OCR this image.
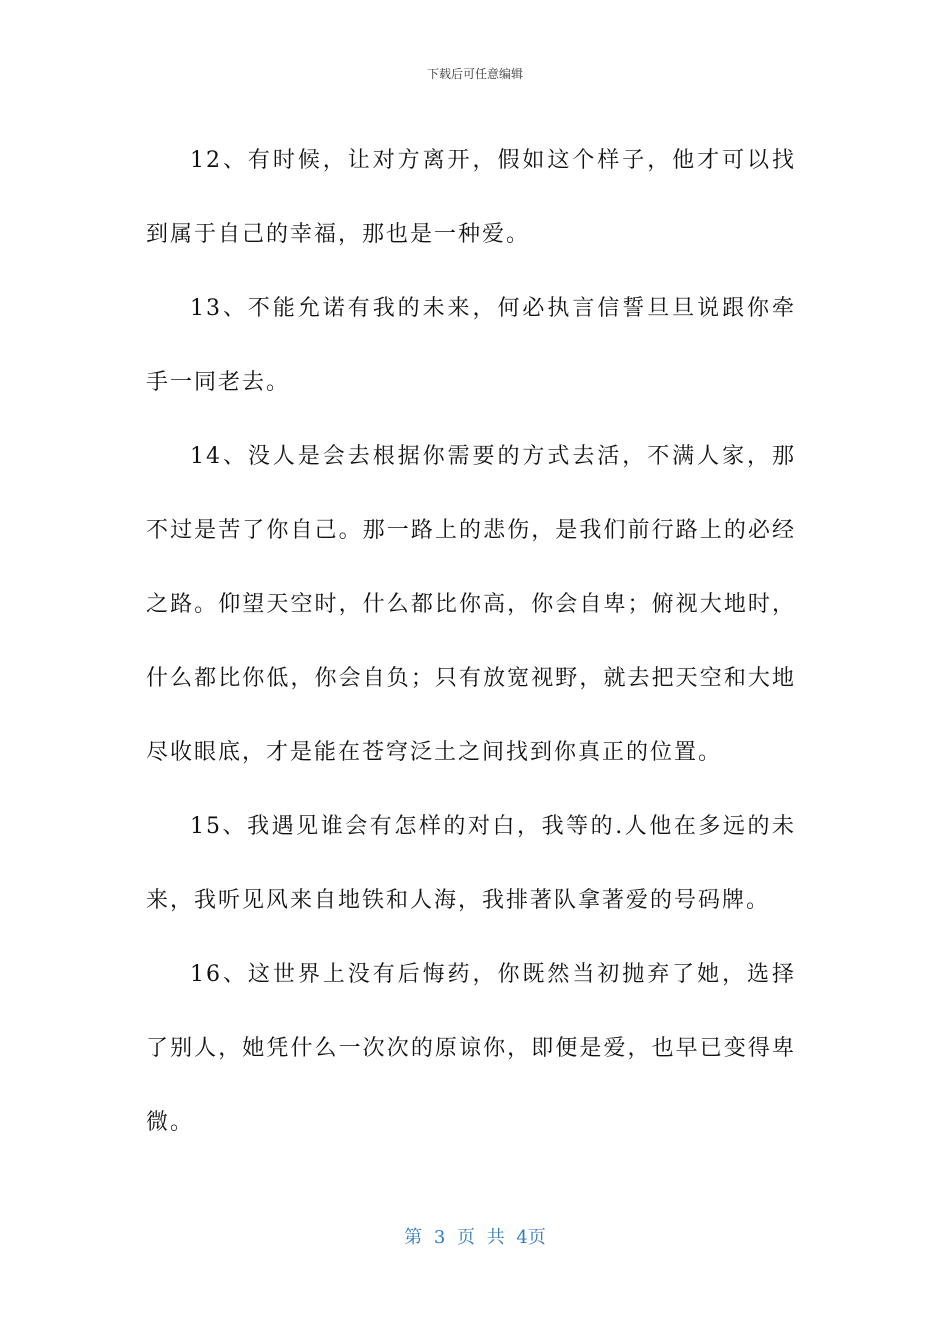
下载后可任意编辑

12、有时候，让对方离开，假如这个样子，他才可以找到属于自己的幸福，那也是一种爱。

13、不能允诺有我的未来，何必执言信誓旦旦说跟你牵手一同老去。

14、没人是会去根据你需要的方式去活，不满人家，那不过是苦了你自己。那一路上的悲伤，是我们前行路上的必经之路。仰望天空时，什么都比你高，你会自卑；俯视大地时，什么都比你低，你会自负；只有放宽视野，就去把天空和大地尽收眼底，才是能在苍穹泛土之间找到你真正的位置。

15、我遇见谁会有怎样的对白，我等的.人他在多远的未来，我听见风来自地铁和人海，我排著队拿著爱的号码牌。

16、这世界上没有后悔药，你既然当初抛弃了她，选择了别人，她凭什么一次次的原谅你，即便是爱，也早已变得卑微。

第 3 页 共 4页
